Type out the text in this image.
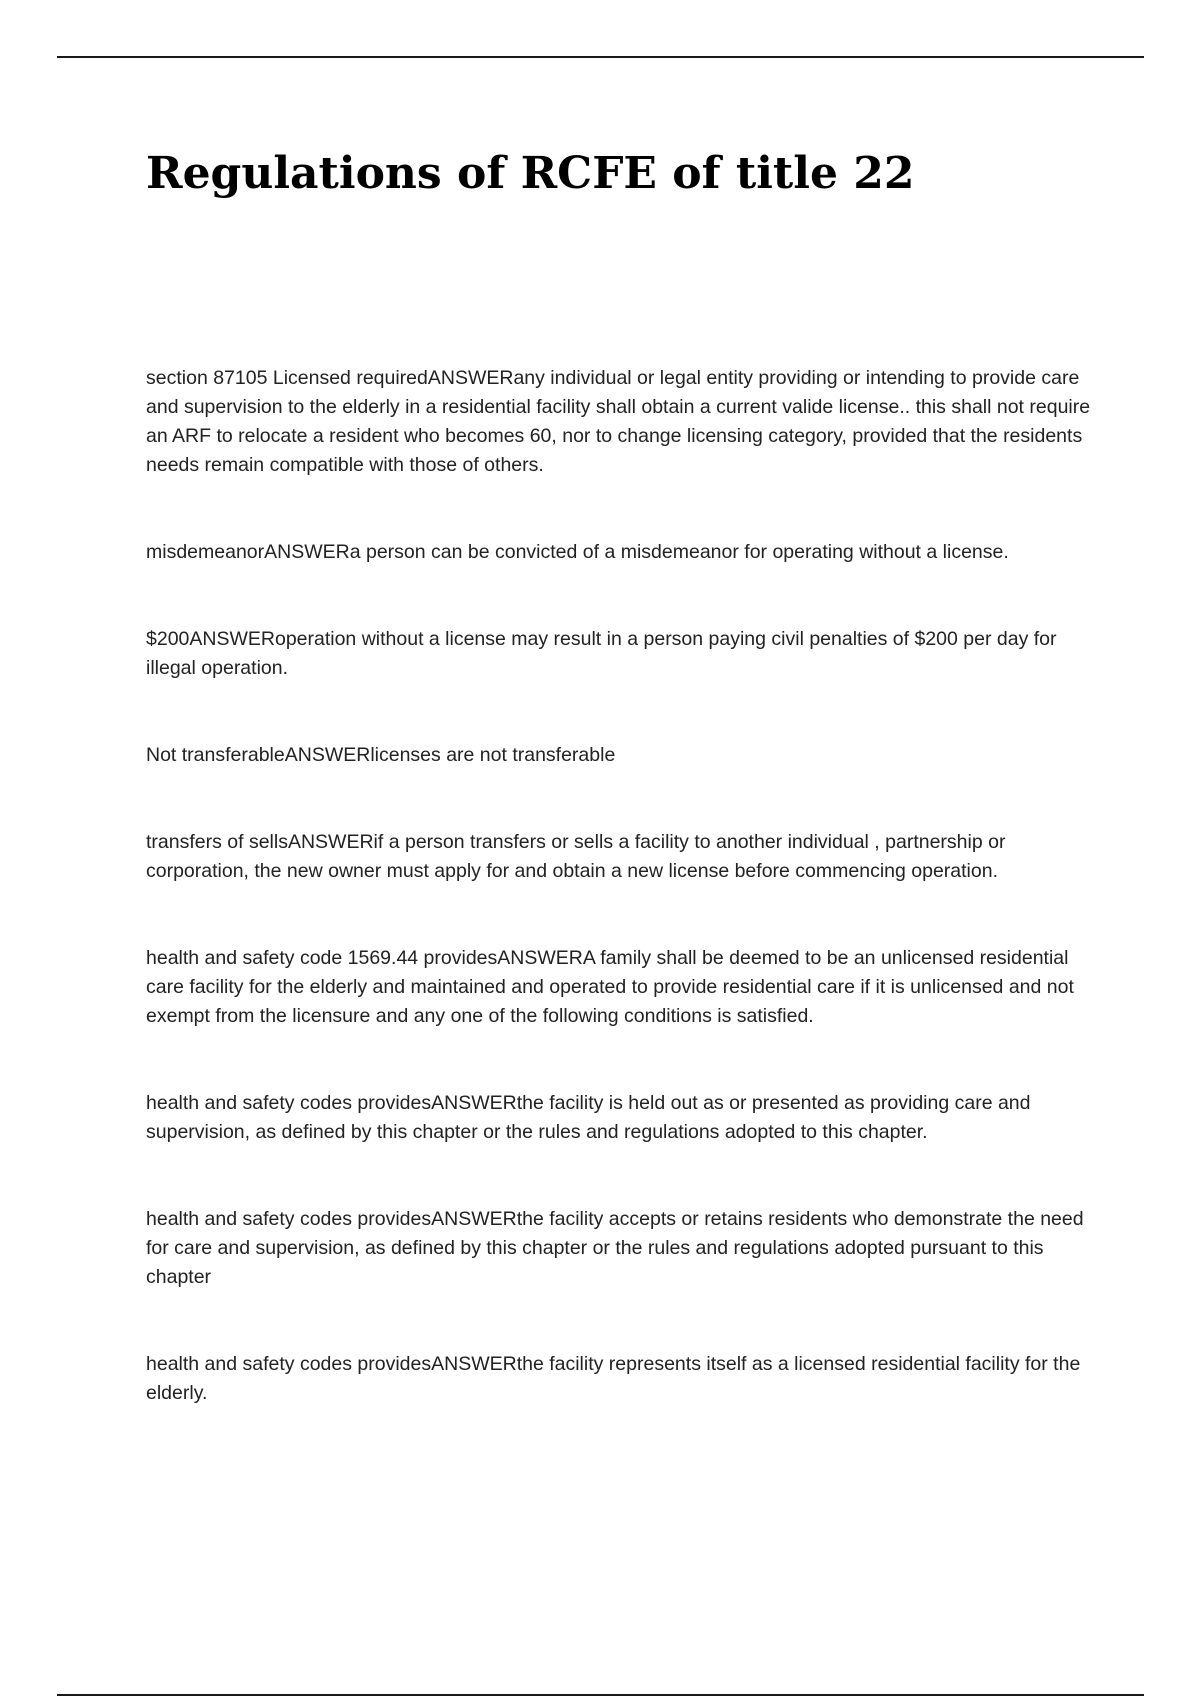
Regulations of RCFE of title 22
section 87105 Licensed requiredANSWERany individual or legal entity providing or intending to provide care and supervision to the elderly in a residential facility shall obtain a current valide license.. this shall not require an ARF to relocate a resident who becomes 60, nor to change licensing category, provided that the residents needs remain compatible with those of others.
misdemeanorANSWERa person can be convicted of a misdemeanor for operating without a license.
$200ANSWERoperation without a license may result in a person paying civil penalties of $200 per day for illegal operation.
Not transferableANSWERlicenses are not transferable
transfers of sellsANSWERif a person transfers or sells a facility to another individual , partnership or corporation, the new owner must apply for and obtain a new license before commencing operation.
health and safety code 1569.44 providesANSWERA family shall be deemed to be an unlicensed residential care facility for the elderly and maintained and operated to provide residential care if it is unlicensed and not exempt from the licensure and any one of the following conditions is satisfied.
health and safety codes providesANSWERthe facility is held out as or presented as providing care and supervision, as defined by this chapter or the rules and regulations adopted to this chapter.
health and safety codes providesANSWERthe facility accepts or retains residents who demonstrate the need for care and supervision, as defined by this chapter or the rules and regulations adopted pursuant to this chapter
health and safety codes providesANSWERthe facility represents itself as a licensed residential facility for the elderly.
